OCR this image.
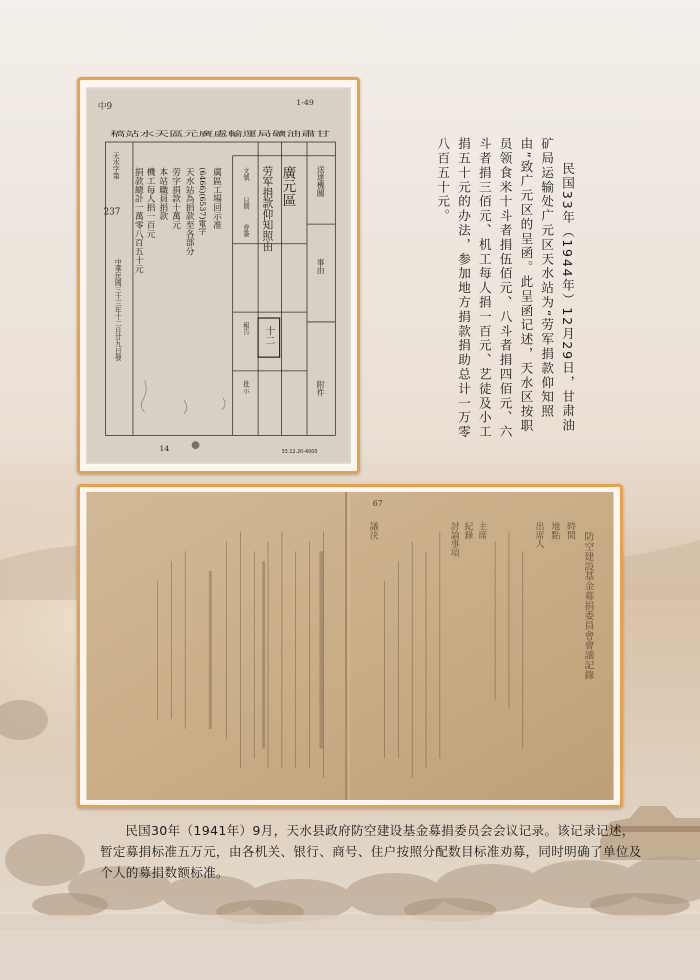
中9	1-49
稿站水天區元廣處輸運局礦油肅甘
送達機關
事由
附件
文號
日期
會簽
報告
批示
廣元區
劳军捐款仰知照由
廣區工場回示准
(6466)(6537)電字
天水站為捐款至各部分
劳字捐款十萬元
本站職員捐款
機工每人捐一百元
捐款總計一萬零八百五十元
天水字第
237
中華民國三十三年十二月廿九日發	十二
14	33.12.20-4000
民国33年（1944年）12月29日，甘肃油矿局运输处广元区天水站为“劳军捐款仰知照由”致广元区的呈函。此呈函记述，天水区按职员领食米十斗者捐伍佰元、八斗者捐四佰元、六斗者捐三佰元、机工每人捐一百元、艺徒及小工捐五十元的办法，参加地方捐款捐助总计一万零八百五十元。
67
防空建設基金募捐委員會會議記錄
時間
地點
出席人
主席
紀錄
討論事項
議決
民国30年（1941年）9月，天水县政府防空建设基金募捐委员会会议记录。该记录记述，暂定募捐标准五万元，由各机关、银行、商号、住户按照分配数目标准劝募，同时明确了单位及个人的募捐数额标准。
